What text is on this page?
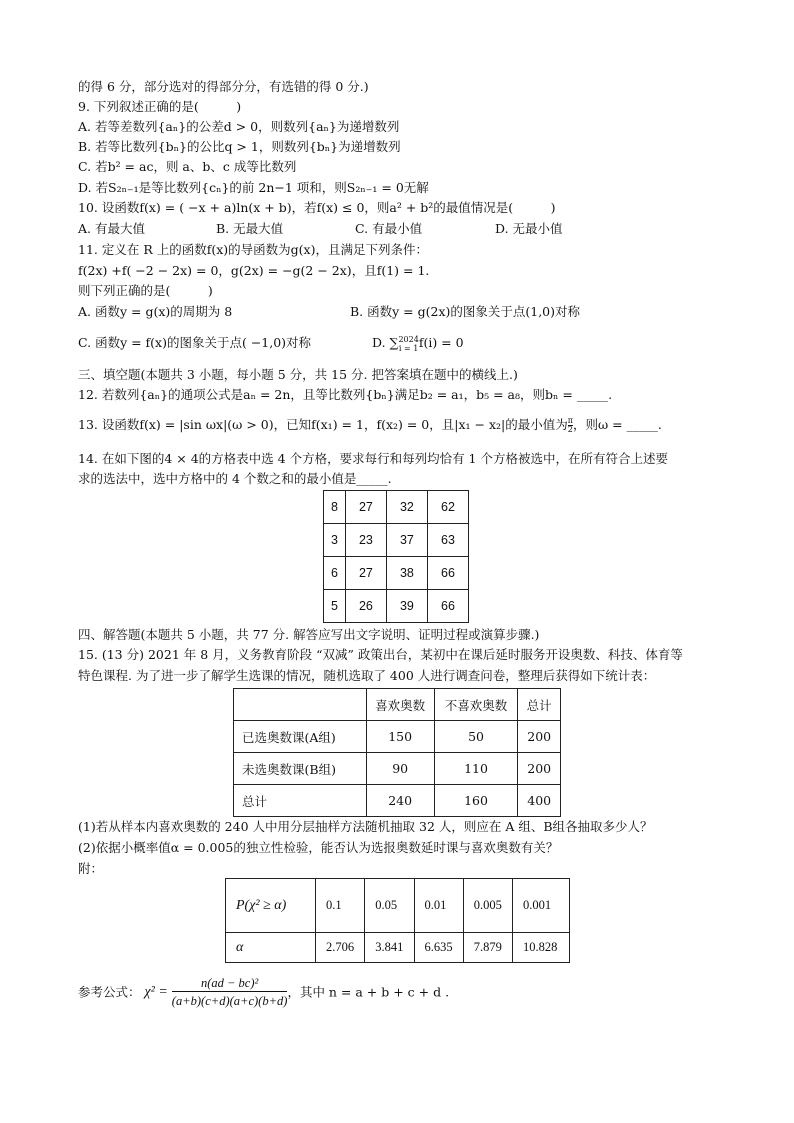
的得 6 分，部分选对的得部分分，有选错的得 0 分.)
9. 下列叙述正确的是(　　　)
A. 若等差数列{aₙ}的公差d > 0，则数列{aₙ}为递增数列
B. 若等比数列{bₙ}的公比q > 1，则数列{bₙ}为递增数列
C. 若b² = ac，则 a、b、c 成等比数列
D. 若S₂ₙ₋₁是等比数列{cₙ}的前 2n−1 项和，则S₂ₙ₋₁ = 0无解
10. 设函数f(x) = ( −x + a)ln(x + b)，若f(x) ≤ 0，则a² + b²的最值情况是(　　　)
A. 有最大值	B. 无最大值	C. 有最小值	D. 无最小值
11. 定义在 R 上的函数f(x)的导函数为g(x)，且满足下列条件：
f(2x) +f( −2 − 2x) = 0，g(2x) = −g(2 − 2x)，且f(1) = 1.
则下列正确的是(　　　)
A. 函数y = g(x)的周期为 8	B. 函数y = g(2x)的图象关于点(1,0)对称
C. 函数y = f(x)的图象关于点( −1,0)对称	D. ∑ 2024
i = 1 f(i) = 0
三、填空题(本题共 3 小题，每小题 5 分，共 15 分. 把答案填在题中的横线上.)
12. 若数列{aₙ}的通项公式是aₙ = 2n，且等比数列{bₙ}满足b₂ = a₁，b₅ = a₈，则bₙ = _____.
13. 设函数f(x) = |sin ωx|(ω > 0)，已知f(x₁) = 1，f(x₂) = 0，且|x₁ − x₂|的最小值为 $\frac{\pi}{2}$ ，则ω = _____.
14. 在如下图的4 × 4的方格表中选 4 个方格，要求每行和每列均恰有 1 个方格被选中，在所有符合上述要
求的选法中，选中方格中的 4 个数之和的最小值是_____.
8	27	32	62
3	23	37	63
6	27	38	66
5	26	39	66
四、解答题(本题共 5 小题，共 77 分. 解答应写出文字说明、证明过程或演算步骤.)
15. (13 分) 2021 年 8 月，义务教育阶段 “双减” 政策出台，某初中在课后延时服务开设奥数、科技、体育等
特色课程. 为了进一步了解学生选课的情况，随机选取了 400 人进行调查问卷，整理后获得如下统计表：
	喜欢奥数	不喜欢奥数	总计
已选奥数课(A组)	150	50	200
未选奥数课(B组)	90	110	200
总计	240	160	400
(1)若从样本内喜欢奥数的 240 人中用分层抽样方法随机抽取 32 人，则应在 A 组、B组各抽取多少人？
(2)依据小概率值α = 0.005的独立性检验，能否认为选报奥数延时课与喜欢奥数有关？
附：
P(χ² ≥ α)	0.1	0.05	0.01	0.005	0.001
α	2.706	3.841	6.635	7.879	10.828
参考公式： $\chi^2 = \frac{\text{n(ad − bc)²}}{(a+b)(c+d)(a+c)(b+d)}$ ，其中 n = a + b + c + d .
